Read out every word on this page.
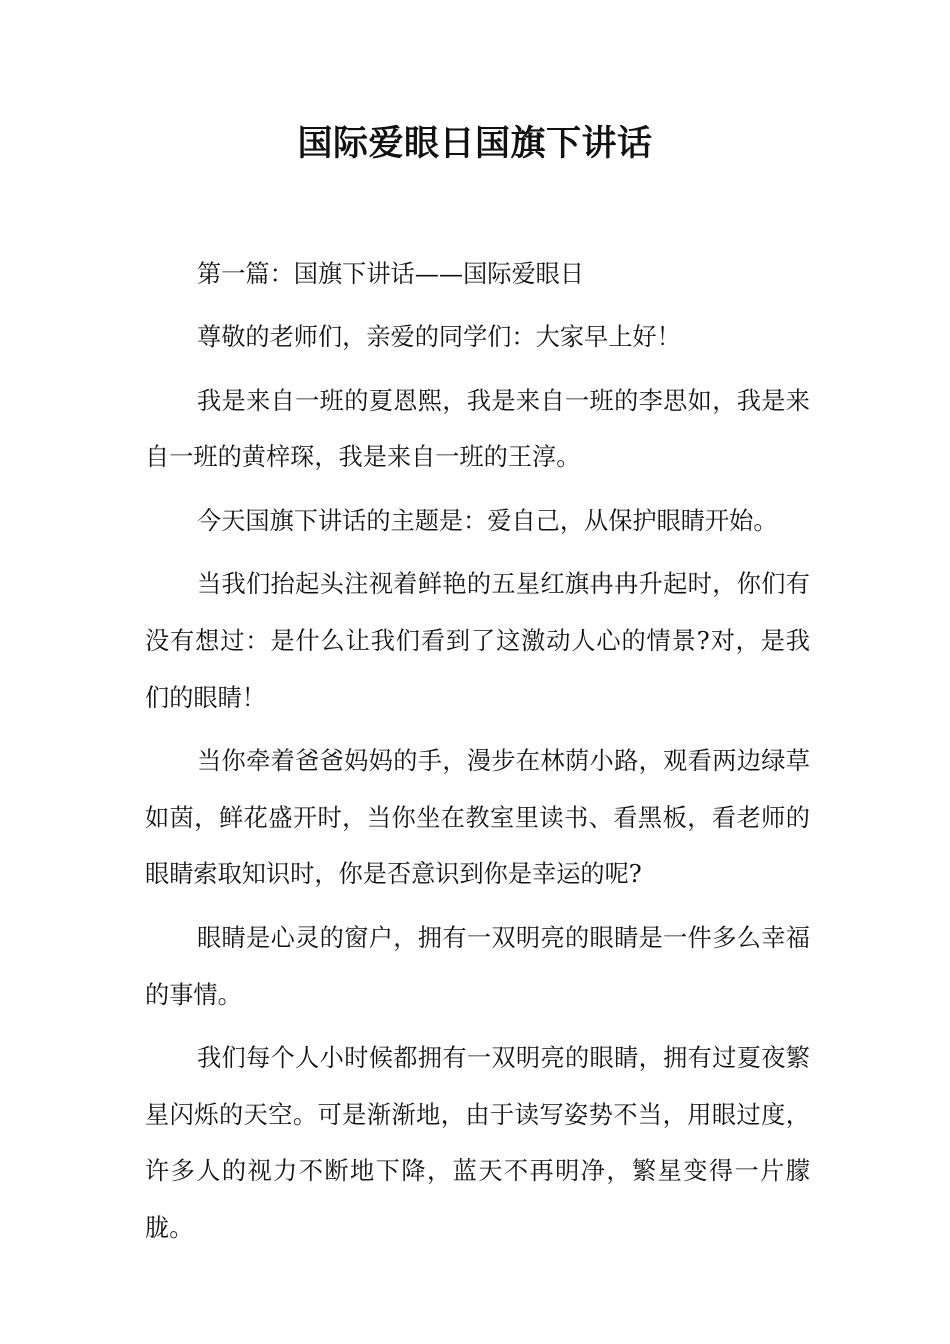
国际爱眼日国旗下讲话

第一篇：国旗下讲话——国际爱眼日

尊敬的老师们，亲爱的同学们：大家早上好！

我是来自一班的夏恩熙，我是来自一班的李思如，我是来自一班的黄梓琛，我是来自一班的王淳。

今天国旗下讲话的主题是：爱自己，从保护眼睛开始。

当我们抬起头注视着鲜艳的五星红旗冉冉升起时，你们有没有想过：是什么让我们看到了这激动人心的情景?对，是我们的眼睛！

当你牵着爸爸妈妈的手，漫步在林荫小路，观看两边绿草如茵，鲜花盛开时，当你坐在教室里读书、看黑板，看老师的眼睛索取知识时，你是否意识到你是幸运的呢?

眼睛是心灵的窗户，拥有一双明亮的眼睛是一件多么幸福的事情。

我们每个人小时候都拥有一双明亮的眼睛，拥有过夏夜繁星闪烁的天空。可是渐渐地，由于读写姿势不当，用眼过度，许多人的视力不断地下降，蓝天不再明净，繁星变得一片朦胧。
